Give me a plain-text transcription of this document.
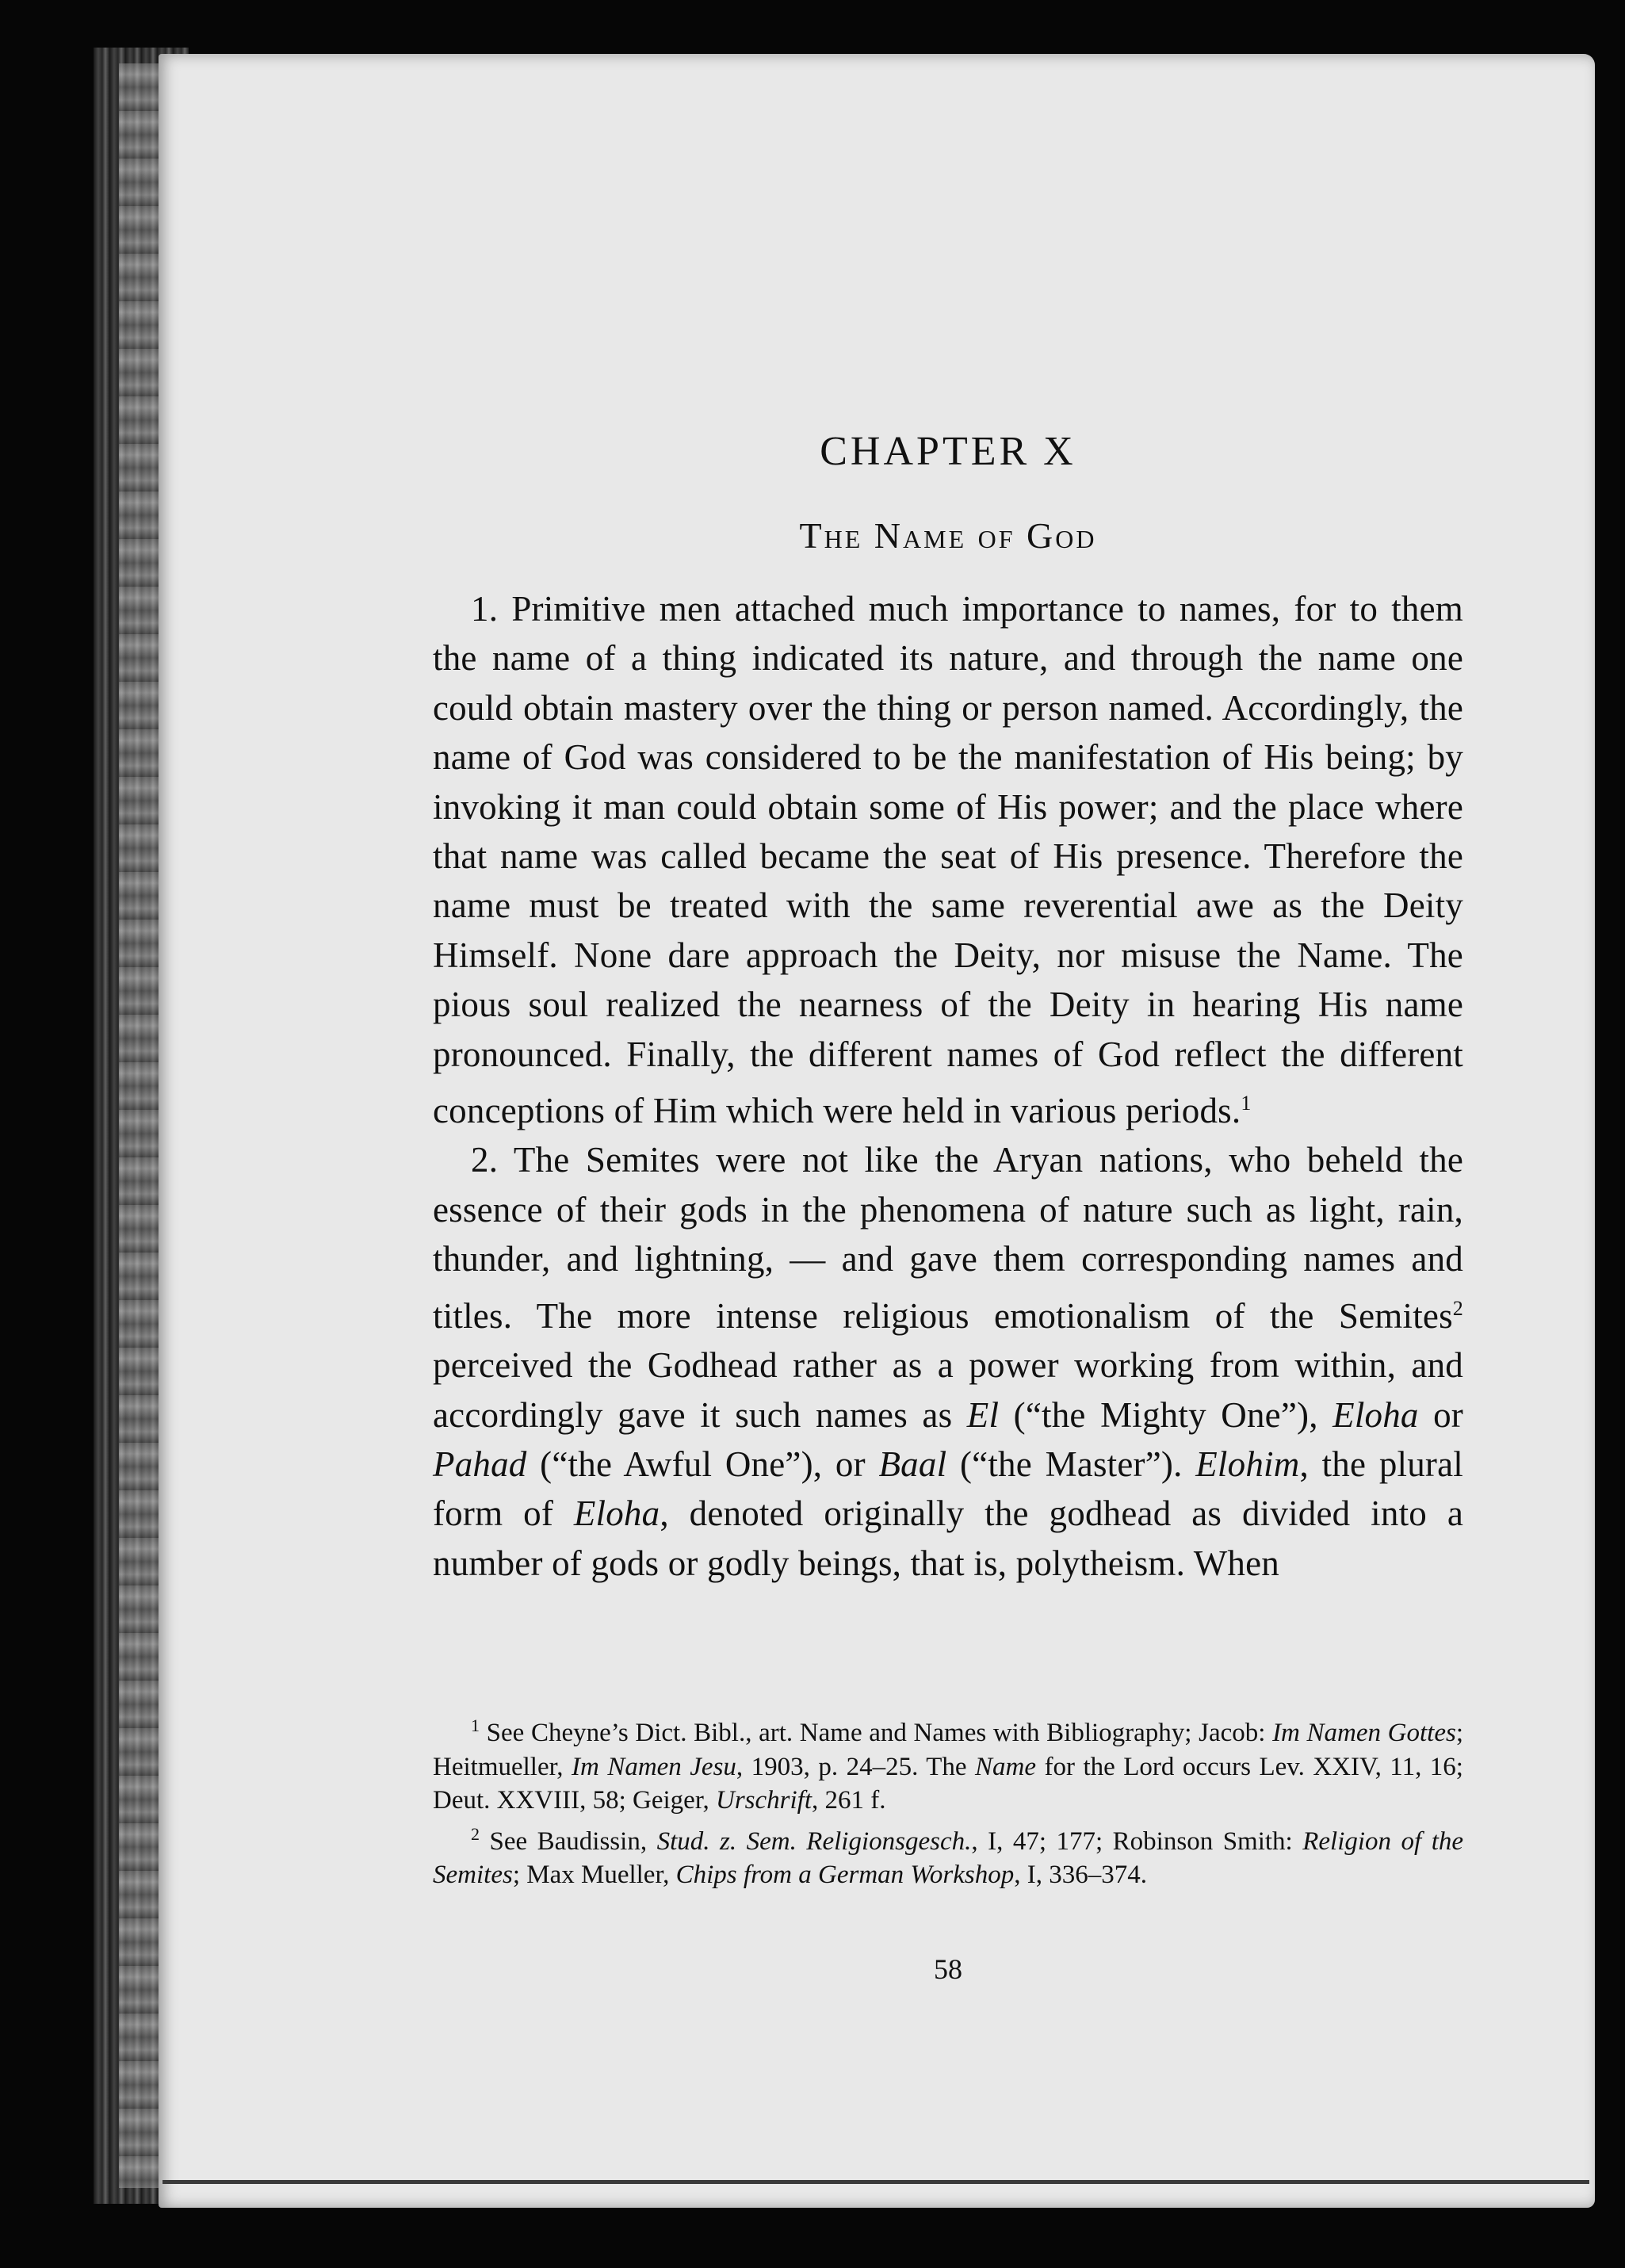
CHAPTER X
The Name of God

1. Primitive men attached much importance to names, for to them the name of a thing indicated its nature, and through the name one could obtain mastery over the thing or person named. Accordingly, the name of God was considered to be the manifestation of His being; by invoking it man could obtain some of His power; and the place where that name was called became the seat of His presence. Therefore the name must be treated with the same reverential awe as the Deity Himself. None dare approach the Deity, nor misuse the Name. The pious soul realized the nearness of the Deity in hearing His name pronounced. Finally, the different names of God reflect the different conceptions of Him which were held in various periods.$^1$

2. The Semites were not like the Aryan nations, who beheld the essence of their gods in the phenomena of nature such as light, rain, thunder, and lightning, — and gave them corresponding names and titles. The more intense religious emotionalism of the Semites$^2$ perceived the Godhead rather as a power working from within, and accordingly gave it such names as El (“the Mighty One”), Eloha or Pahad (“the Awful One”), or Baal (“the Master”). Elohim, the plural form of Eloha, denoted originally the godhead as divided into a number of gods or godly beings, that is, polytheism. When

$^1$ See Cheyne’s Dict. Bibl., art. Name and Names with Bibliography; Jacob: Im Namen Gottes; Heitmueller, Im Namen Jesu, 1903, p. 24–25. The Name for the Lord occurs Lev. XXIV, 11, 16; Deut. XXVIII, 58; Geiger, Urschrift, 261 f.

$^2$ See Baudissin, Stud. z. Sem. Religionsgesch., I, 47; 177; Robinson Smith: Religion of the Semites; Max Mueller, Chips from a German Workshop, I, 336–374.

58
